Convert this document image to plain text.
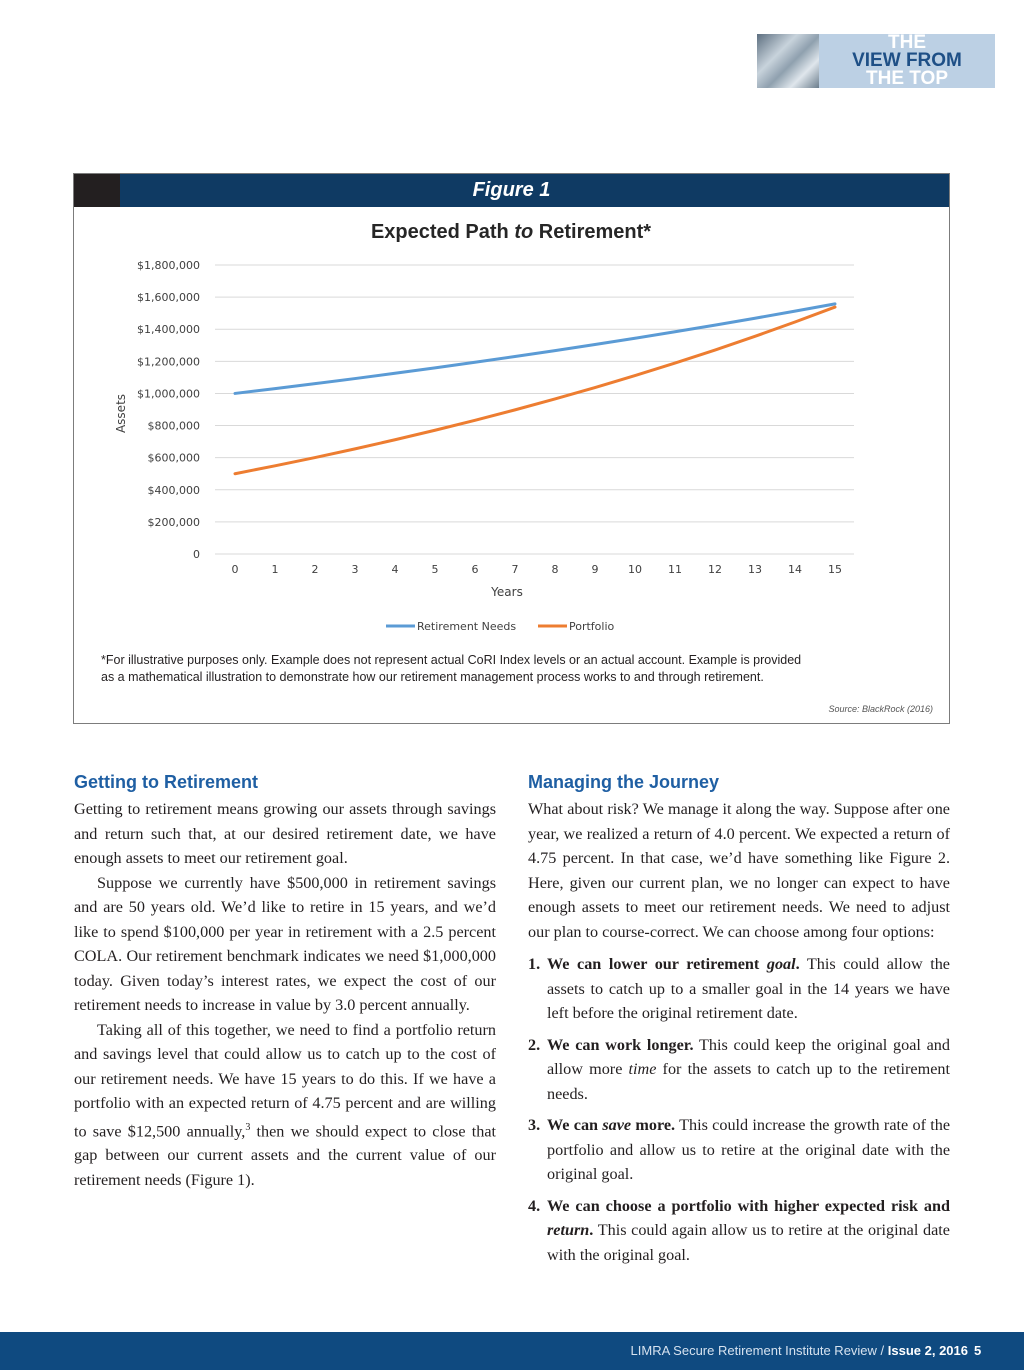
THE
VIEW FROM
THE TOP
Figure 1
Expected Path to Retirement*
0
$200,000
$400,000
$600,000
$800,000
$1,000,000
$1,200,000
$1,400,000
$1,600,000
$1,800,000
0	1	2	3	4	5	6	7	8	9	10 11 12 13 14 15
Years
Assets
Retirement Needs	Portfolio
*For illustrative purposes only. Example does not represent actual CoRI Index levels or an actual account. Example is provided
as a mathematical illustration to demonstrate how our retirement management process works to and through retirement.
Source: BlackRock (2016)
Getting to Retirement

Getting to retirement means growing our assets through savings and return such that, at our desired retirement date, we have enough assets to meet our retirement goal.

Suppose we currently have $500,000 in retirement savings and are 50 years old. We’d like to retire in 15 years, and we’d like to spend $100,000 per year in retirement with a 2.5 percent COLA. Our retirement benchmark indicates we need $1,000,000 today. Given today’s interest rates, we expect the cost of our retirement needs to increase in value by 3.0 percent annually.

Taking all of this together, we need to find a portfolio return and savings level that could allow us to catch up to the cost of our retirement needs. We have 15 years to do this. If we have a portfolio with an expected return of 4.75 percent and are willing to save $12,500 annually,$^3$ then we should expect to close that gap between our current assets and the current value of our retirement needs (Figure 1).

Managing the Journey

What about risk? We manage it along the way. Suppose after one year, we realized a return of 4.0 percent. We expected a return of 4.75 percent. In that case, we’d have something like Figure 2. Here, given our current plan, we no longer can expect to have enough assets to meet our retirement needs. We need to adjust our plan to course-correct. We can choose among four options:

1. We can lower our retirement goal. This could allow the assets to catch up to a smaller goal in the 14 years we have left before the original retirement date.
2. We can work longer. This could keep the original goal and allow more time for the assets to catch up to the retirement needs.
3. We can save more. This could increase the growth rate of the portfolio and allow us to retire at the original date with the original goal.
4. We can choose a portfolio with higher expected risk and return. This could again allow us to retire at the original date with the original goal.
LIMRA Secure Retirement Institute Review / Issue 2, 2016 5
